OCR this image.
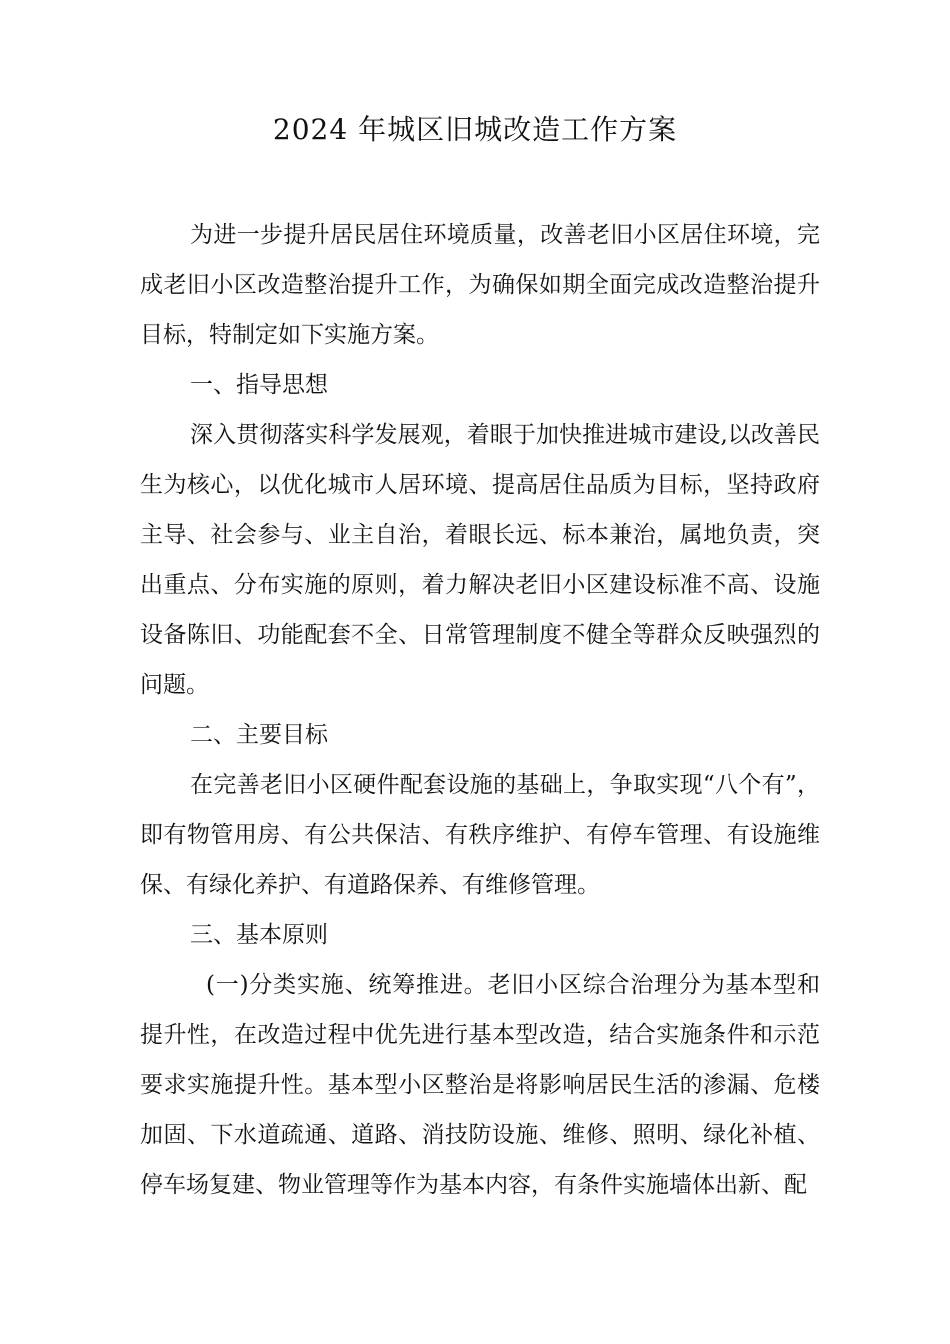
2024 年城区旧城改造工作方案

为进一步提升居民居住环境质量，改善老旧小区居住环境，完成老旧小区改造整治提升工作，为确保如期全面完成改造整治提升目标，特制定如下实施方案。

一、指导思想

深入贯彻落实科学发展观，着眼于加快推进城市建设,以改善民生为核心，以优化城市人居环境、提高居住品质为目标，坚持政府主导、社会参与、业主自治，着眼长远、标本兼治，属地负责，突出重点、分布实施的原则，着力解决老旧小区建设标准不高、设施设备陈旧、功能配套不全、日常管理制度不健全等群众反映强烈的问题。

二、主要目标

在完善老旧小区硬件配套设施的基础上，争取实现“八个有”，即有物管用房、有公共保洁、有秩序维护、有停车管理、有设施维保、有绿化养护、有道路保养、有维修管理。

三、基本原则

(一)分类实施、统筹推进。老旧小区综合治理分为基本型和提升性，在改造过程中优先进行基本型改造，结合实施条件和示范要求实施提升性。基本型小区整治是将影响居民生活的渗漏、危楼加固、下水道疏通、道路、消技防设施、维修、照明、绿化补植、停车场复建、物业管理等作为基本内容，有条件实施墙体出新、配
